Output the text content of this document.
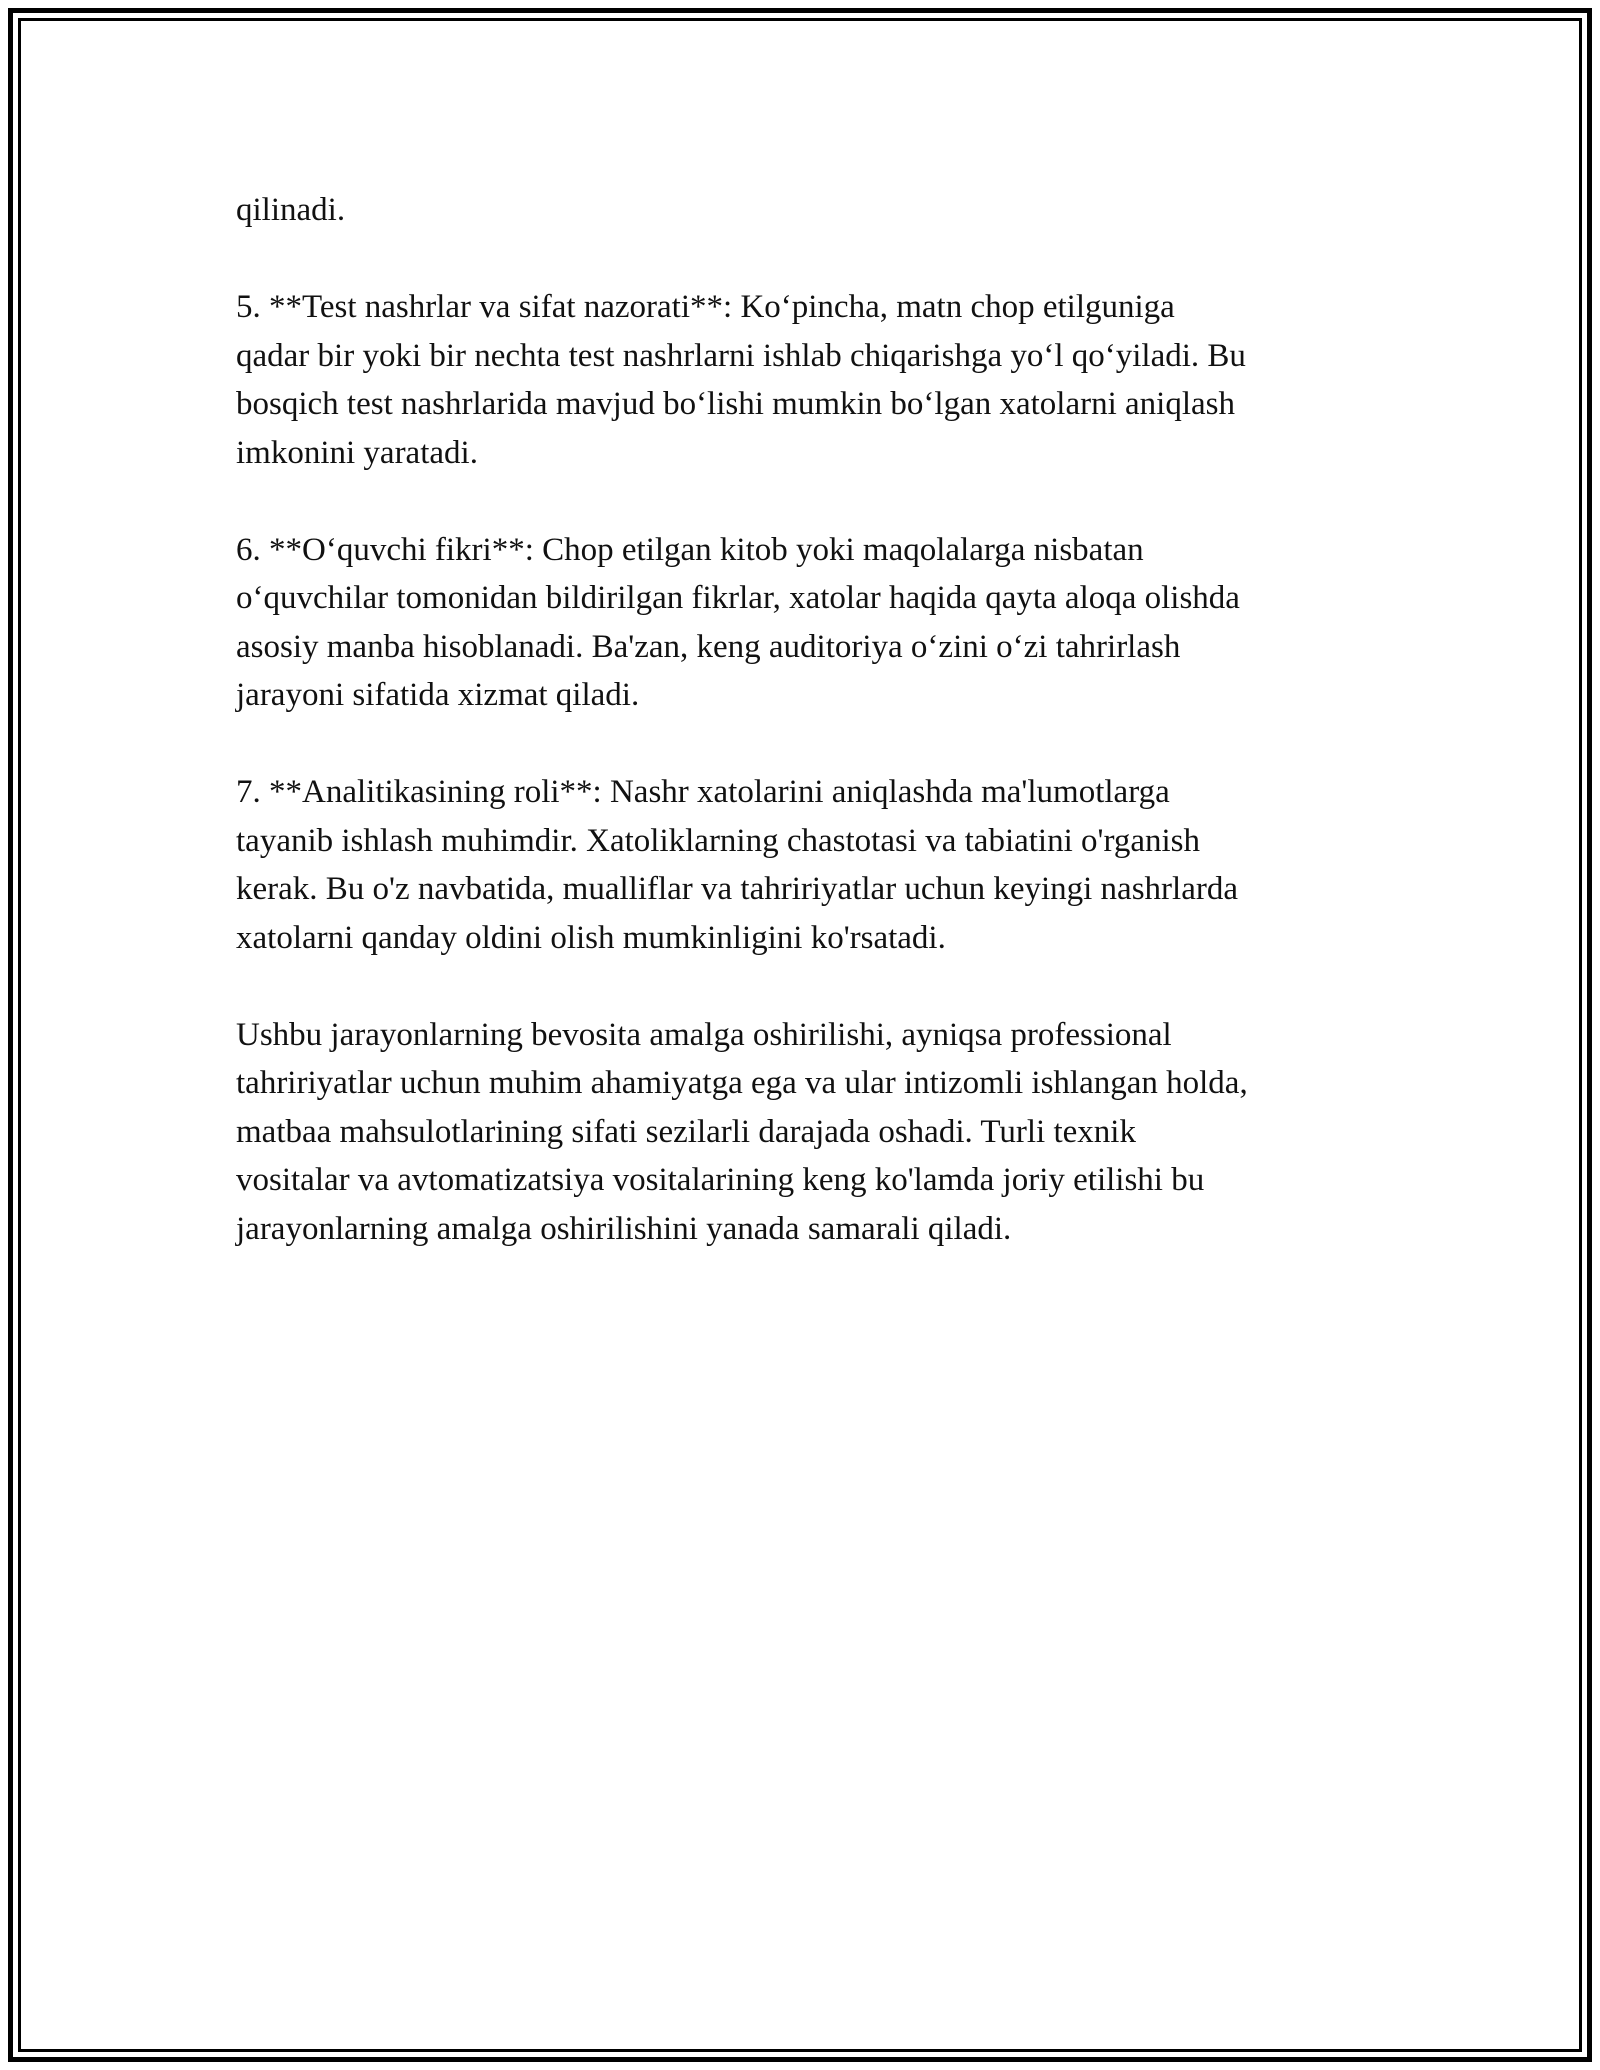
qilinadi.

5. **Test nashrlar va sifat nazorati**: Ko‘pincha, matn chop etilguniga
qadar bir yoki bir nechta test nashrlarni ishlab chiqarishga yo‘l qo‘yiladi. Bu
bosqich test nashrlarida mavjud bo‘lishi mumkin bo‘lgan xatolarni aniqlash
imkonini yaratadi.

6. **O‘quvchi fikri**: Chop etilgan kitob yoki maqolalarga nisbatan
o‘quvchilar tomonidan bildirilgan fikrlar, xatolar haqida qayta aloqa olishda
asosiy manba hisoblanadi. Ba'zan, keng auditoriya o‘zini o‘zi tahrirlash
jarayoni sifatida xizmat qiladi.

7. **Analitikasining roli**: Nashr xatolarini aniqlashda ma'lumotlarga
tayanib ishlash muhimdir. Xatoliklarning chastotasi va tabiatini o'rganish
kerak. Bu o'z navbatida, mualliflar va tahririyatlar uchun keyingi nashrlarda
xatolarni qanday oldini olish mumkinligini ko'rsatadi.

Ushbu jarayonlarning bevosita amalga oshirilishi, ayniqsa professional
tahririyatlar uchun muhim ahamiyatga ega va ular intizomli ishlangan holda,
matbaa mahsulotlarining sifati sezilarli darajada oshadi. Turli texnik
vositalar va avtomatizatsiya vositalarining keng ko'lamda joriy etilishi bu
jarayonlarning amalga oshirilishini yanada samarali qiladi.
